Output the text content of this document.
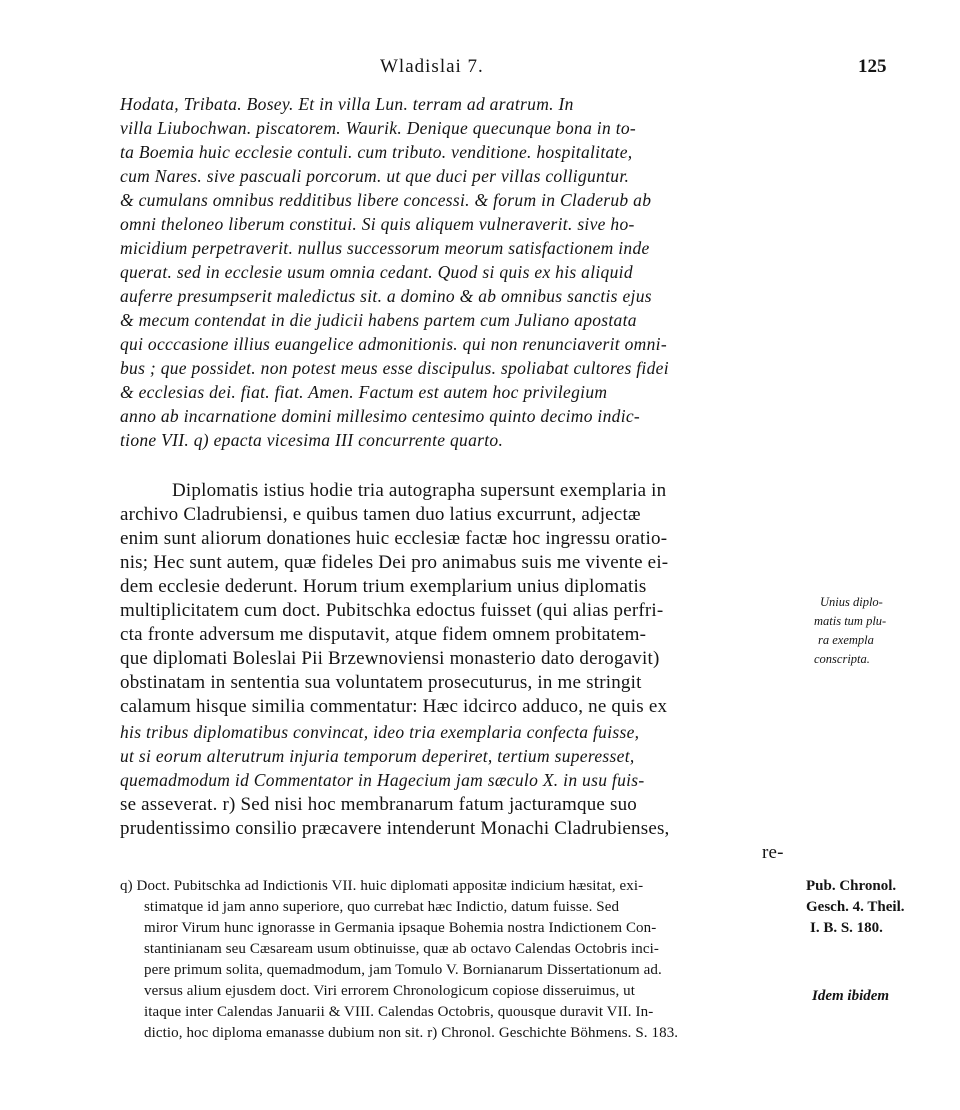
Wladislai 7.	125
Hodata, Tribata. Bosey. Et in villa Lun. terram ad aratrum. In
villa Liubochwan. piscatorem. Waurik. Denique quecunque bona in to-
ta Boemia huic ecclesie contuli. cum tributo. venditione. hospitalitate,
cum Nares. sive pascuali porcorum. ut que duci per villas colliguntur.
& cumulans omnibus redditibus libere concessi. & forum in Claderub ab
omni theloneo liberum constitui. Si quis aliquem vulneraverit. sive ho-
micidium perpetraverit. nullus successorum meorum satisfactionem inde
querat. sed in ecclesie usum omnia cedant. Quod si quis ex his aliquid
auferre presumpserit maledictus sit. a domino & ab omnibus sanctis ejus
& mecum contendat in die judicii habens partem cum Juliano apostata
qui occcasione illius euangelice admonitionis. qui non renunciaverit omni-
bus ; que possidet. non potest meus esse discipulus. spoliabat cultores fidei
& ecclesias dei. fiat. fiat. Amen. Factum est autem hoc privilegium
anno ab incarnatione domini millesimo centesimo quinto decimo indic-
tione VII. q) epacta vicesima III concurrente quarto.
Diplomatis istius hodie tria autographa supersunt exemplaria in
archivo Cladrubiensi, e quibus tamen duo latius excurrunt, adjectæ
enim sunt aliorum donationes huic ecclesiæ factæ hoc ingressu oratio-
nis; Hec sunt autem, quæ fideles Dei pro animabus suis me vivente ei-
dem ecclesie dederunt. Horum trium exemplarium unius diplomatis
multiplicitatem cum doct. Pubitschka edoctus fuisset (qui alias perfri-
cta fronte adversum me disputavit, atque fidem omnem probitatem-
que diplomati Boleslai Pii Brzewnoviensi monasterio dato derogavit)
obstinatam in sententia sua voluntatem prosecuturus, in me stringit
calamum hisque similia commentatur: Hæc idcirco adduco, ne quis ex
his tribus diplomatibus convincat, ideo tria exemplaria confecta fuisse,
ut si eorum alterutrum injuria temporum deperiret, tertium superesset,
quemadmodum id Commentator in Hagecium jam sæculo X. in usu fuis-
se asseverat. r) Sed nisi hoc membranarum fatum jacturamque suo
prudentissimo consilio præcavere intenderunt Monachi Cladrubienses,
re-
Unius diplo-
matis tum plu-
ra exempla
conscripta.
q) Doct. Pubitschka ad Indictionis VII. huic diplomati appositæ indicium hæsitat, exi-
stimatque id jam anno superiore, quo currebat hæc Indictio, datum fuisse. Sed
miror Virum hunc ignorasse in Germania ipsaque Bohemia nostra Indictionem Con-
stantinianam seu Cæsaream usum obtinuisse, quæ ab octavo Calendas Octobris inci-
pere primum solita, quemadmodum, jam Tomulo V. Bornianarum Dissertationum ad.
versus alium ejusdem doct. Viri errorem Chronologicum copiose disseruimus, ut
itaque inter Calendas Januarii & VIII. Calendas Octobris, quousque duravit VII. In-
dictio, hoc diploma emanasse dubium non sit. r) Chronol. Geschichte Böhmens. S. 183.
Pub. Chronol.
Gesch. 4. Theil.
I. B. S. 180.
Idem ibidem
